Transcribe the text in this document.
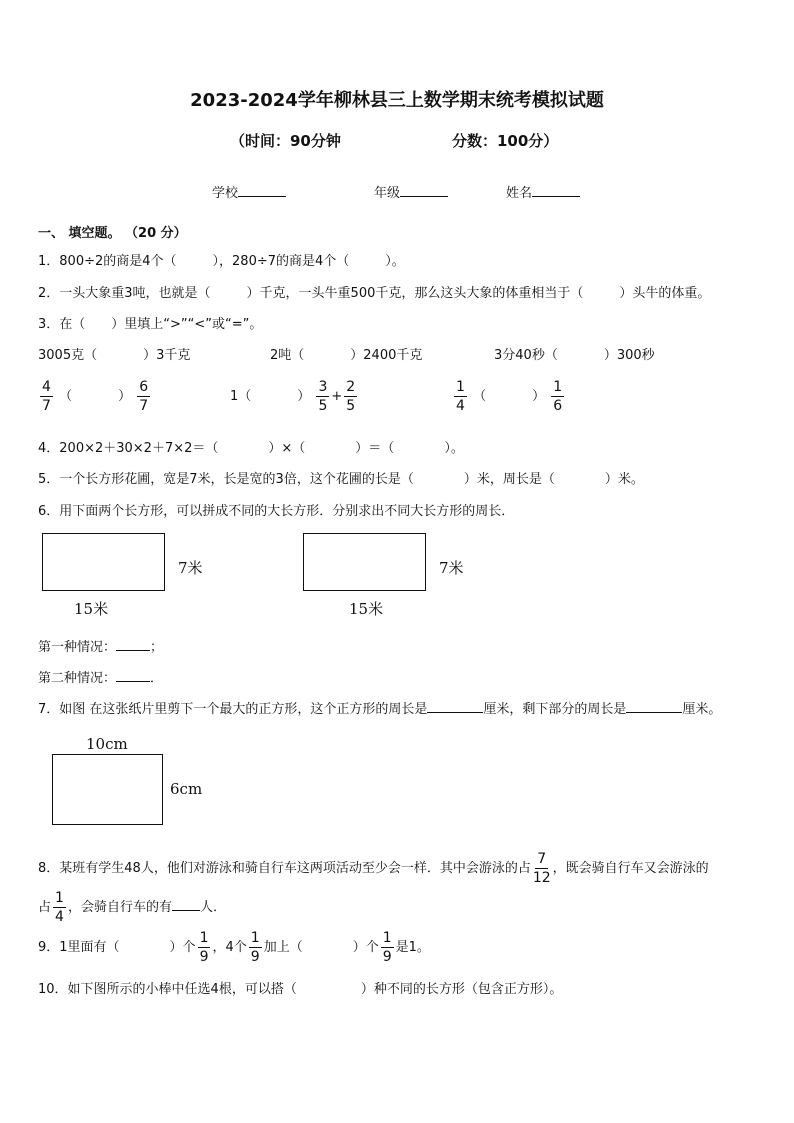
2023-2024学年柳林县三上数学期末统考模拟试题
（时间：90分钟	分数：100分）
学校	年级	姓名
一、 填空题。 （20 分）
1．800÷2的商是4个（	），280÷7的商是4个（	）。
2．一头大象重3吨，也就是（	）千克，一头牛重500千克，那么这头大象的体重相当于（	）头牛的体重。
3．在（　　）里填上“>”“<”或“=”。
3005克（	）3千克	2吨（	）2400千克	3分40秒（	）300秒
$\frac{4}{7}$ （	） $\frac{6}{7}$	1（	） $\frac{3}{5} + \frac{2}{5}$	$\frac{1}{4}$ （	） $\frac{1}{6}$
4．200×2＋30×2＋7×2＝（	）×（	）＝（	）。
5．一个长方形花圃，宽是7米，长是宽的3倍，这个花圃的长是（	）米，周长是（	）米。
6．用下面两个长方形，可以拼成不同的大长方形．分别求出不同大长方形的周长．
7米
15米
7米
15米
第一种情况：	；
第二种情况：	．
7．如图 在这张纸片里剪下一个最大的正方形，这个正方形的周长是	厘米，剩下部分的周长是	厘米。
10cm
6cm
8．某班有学生48人，他们对游泳和骑自行车这两项活动至少会一样．其中会游泳的占 $\frac{7}{12}$ ，既会骑自行车又会游泳的
占 $\frac{1}{4}$ ，会骑自行车的有 人．
9．1里面有（	）个 $\frac{1}{9}$ ，4个 $\frac{1}{9}$ 加上（	）个 $\frac{1}{9}$ 是1。
10．如下图所示的小棒中任选4根，可以搭（	）种不同的长方形（包含正方形）。
